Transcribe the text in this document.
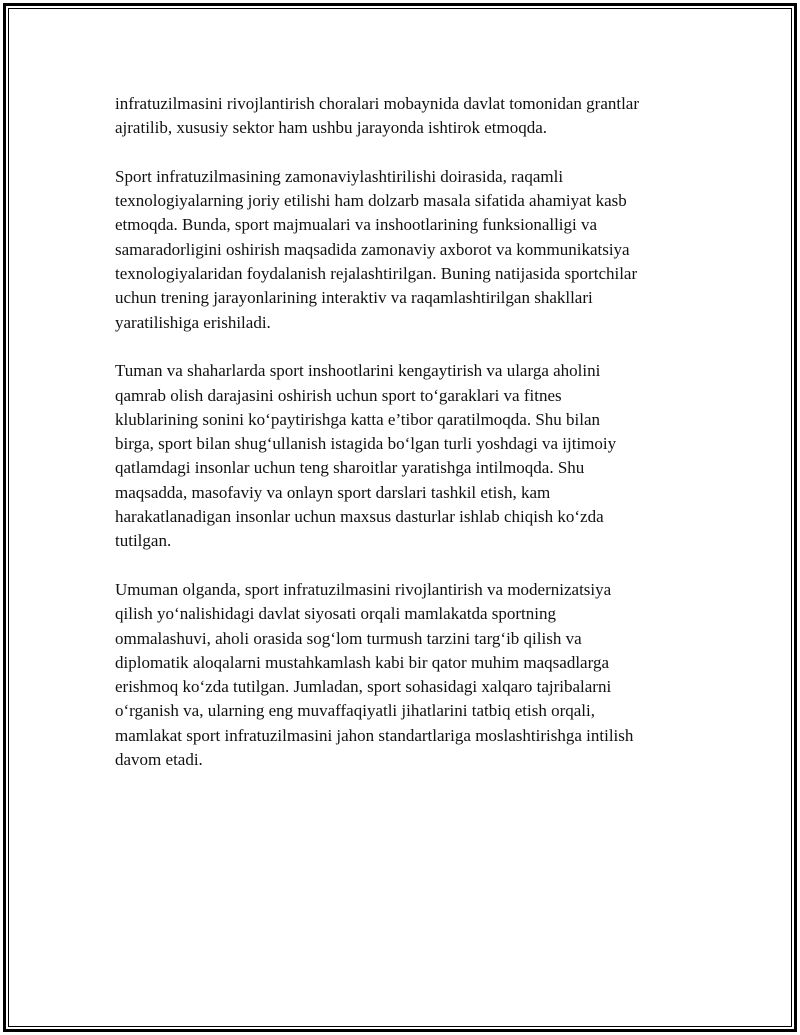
infratuzilmasini rivojlantirish choralari mobaynida davlat tomonidan grantlar
ajratilib, xususiy sektor ham ushbu jarayonda ishtirok etmoqda.

Sport infratuzilmasining zamonaviylashtirilishi doirasida, raqamli
texnologiyalarning joriy etilishi ham dolzarb masala sifatida ahamiyat kasb
etmoqda. Bunda, sport majmualari va inshootlarining funksionalligi va
samaradorligini oshirish maqsadida zamonaviy axborot va kommunikatsiya
texnologiyalaridan foydalanish rejalashtirilgan. Buning natijasida sportchilar
uchun trening jarayonlarining interaktiv va raqamlashtirilgan shakllari
yaratilishiga erishiladi.

Tuman va shaharlarda sport inshootlarini kengaytirish va ularga aholini
qamrab olish darajasini oshirish uchun sport to‘garaklari va fitnes
klublarining sonini ko‘paytirishga katta e’tibor qaratilmoqda. Shu bilan
birga, sport bilan shug‘ullanish istagida bo‘lgan turli yoshdagi va ijtimoiy
qatlamdagi insonlar uchun teng sharoitlar yaratishga intilmoqda. Shu
maqsadda, masofaviy va onlayn sport darslari tashkil etish, kam
harakatlanadigan insonlar uchun maxsus dasturlar ishlab chiqish ko‘zda
tutilgan.

Umuman olganda, sport infratuzilmasini rivojlantirish va modernizatsiya
qilish yo‘nalishidagi davlat siyosati orqali mamlakatda sportning
ommalashuvi, aholi orasida sog‘lom turmush tarzini targ‘ib qilish va
diplomatik aloqalarni mustahkamlash kabi bir qator muhim maqsadlarga
erishmoq ko‘zda tutilgan. Jumladan, sport sohasidagi xalqaro tajribalarni
o‘rganish va, ularning eng muvaffaqiyatli jihatlarini tatbiq etish orqali,
mamlakat sport infratuzilmasini jahon standartlariga moslashtirishga intilish
davom etadi.
